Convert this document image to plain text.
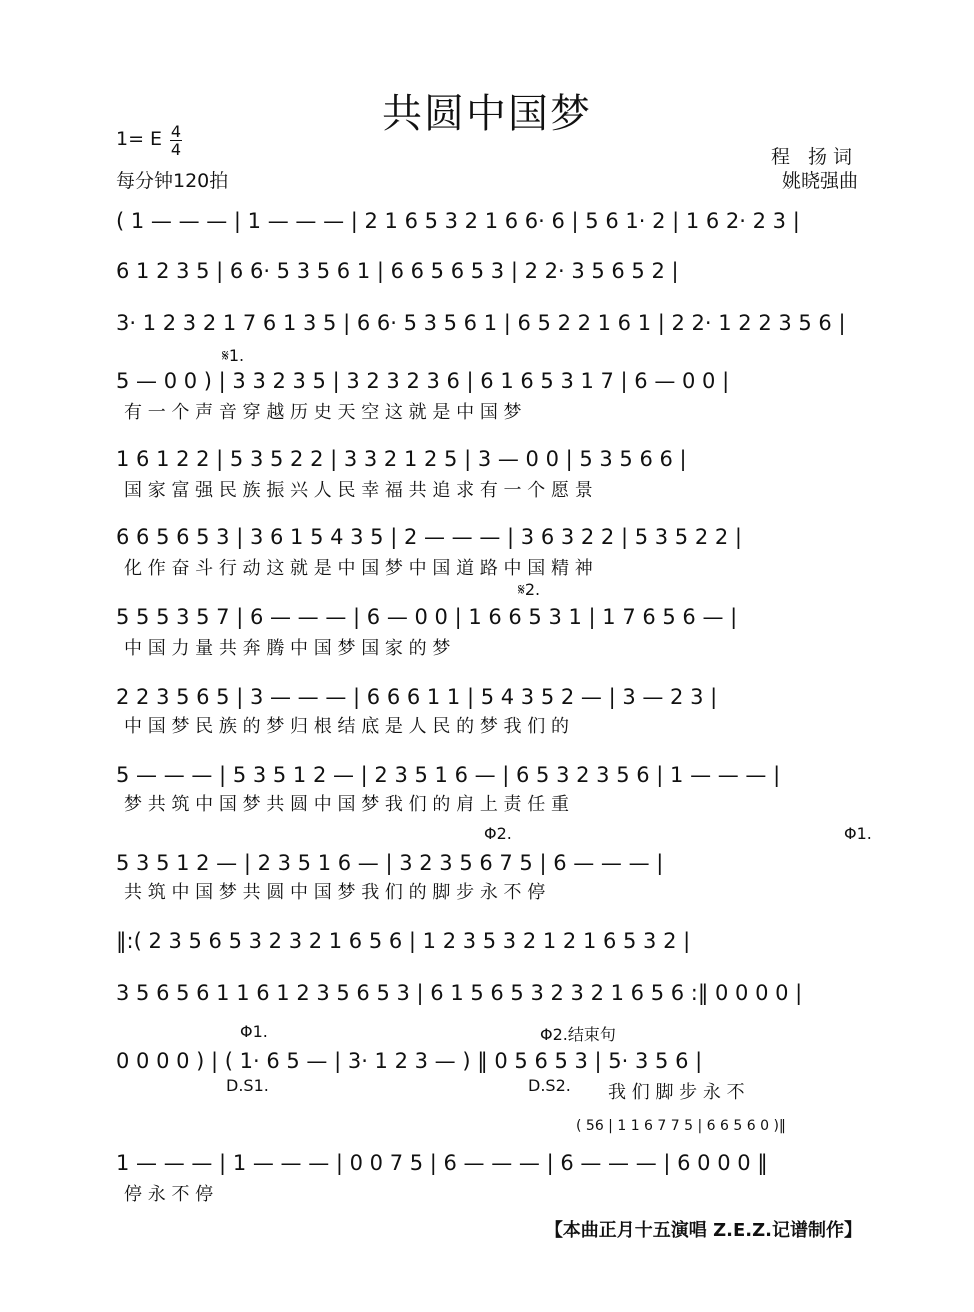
共圆中国梦
1= E 4
4
每分钟120拍
程 扬词
姚晓强曲
𝄋1.
𝄋2.
Φ2.	Φ1.
Φ1.	Φ2.结束句
D.S1.	D.S2.
( 56 | 1 1 6 7 7 5 | 6 6 5 6 0 )‖
( 1 — — — | 1 — — — | 2 1 6 5 3 2 1 6 6· 6 | 5 6 1· 2 | 1 6 2· 2 3 |
6 1 2 3 5 | 6 6· 5 3 5 6 1 | 6 6 5 6 5 3 | 2 2· 3 5 6 5 2 |
3· 1 2 3 2 1 7 6 1 3 5 | 6 6· 5 3 5 6 1 | 6 5 2 2 1 6 1 | 2 2· 1 2 2 3 5 6 |
5 — 0 0 ) | 3 3 2 3 5 | 3 2 3 2 3 6 | 6 1 6 5 3 1 7 | 6 — 0 0 |
有 一 个 声 音 穿 越 历 史 天 空 这 就 是 中 国 梦
1 6 1 2 2 | 5 3 5 2 2 | 3 3 2 1 2 5 | 3 — 0 0 | 5 3 5 6 6 |
国 家 富 强 民 族 振 兴 人 民 幸 福 共 追 求 有 一 个 愿 景
6 6 5 6 5 3 | 3 6 1 5 4 3 5 | 2 — — — | 3 6 3 2 2 | 5 3 5 2 2 |
化 作 奋 斗 行 动 这 就 是 中 国 梦 中 国 道 路 中 国 精 神
5 5 5 3 5 7 | 6 — — — | 6 — 0 0 | 1 6 6 5 3 1 | 1 7 6 5 6 — |
中 国 力 量 共 奔 腾 中 国 梦 国 家 的 梦
2 2 3 5 6 5 | 3 — — — | 6 6 6 1 1 | 5 4 3 5 2 — | 3 — 2 3 |
中 国 梦 民 族 的 梦 归 根 结 底 是 人 民 的 梦 我 们 的
5 — — — | 5 3 5 1 2 — | 2 3 5 1 6 — | 6 5 3 2 3 5 6 | 1 — — — |
梦 共 筑 中 国 梦 共 圆 中 国 梦 我 们 的 肩 上 责 任 重
5 3 5 1 2 — | 2 3 5 1 6 — | 3 2 3 5 6 7 5 | 6 — — — |
共 筑 中 国 梦 共 圆 中 国 梦 我 们 的 脚 步 永 不 停
‖:( 2 3 5 6 5 3 2 3 2 1 6 5 6 | 1 2 3 5 3 2 1 2 1 6 5 3 2 |
3 5 6 5 6 1 1 6 1 2 3 5 6 5 3 | 6 1 5 6 5 3 2 3 2 1 6 5 6 :‖ 0 0 0 0 |
0 0 0 0 ) | ( 1· 6 5 — | 3· 1 2 3 — ) ‖ 0 5 6 5 3 | 5· 3 5 6 |
我 们 脚 步 永 不
1 — — — | 1 — — — | 0 0 7 5 | 6 — — — | 6 — — — | 6 0 0 0 ‖
停 永 不 停
【本曲正月十五演唱 Z.E.Z.记谱制作】
